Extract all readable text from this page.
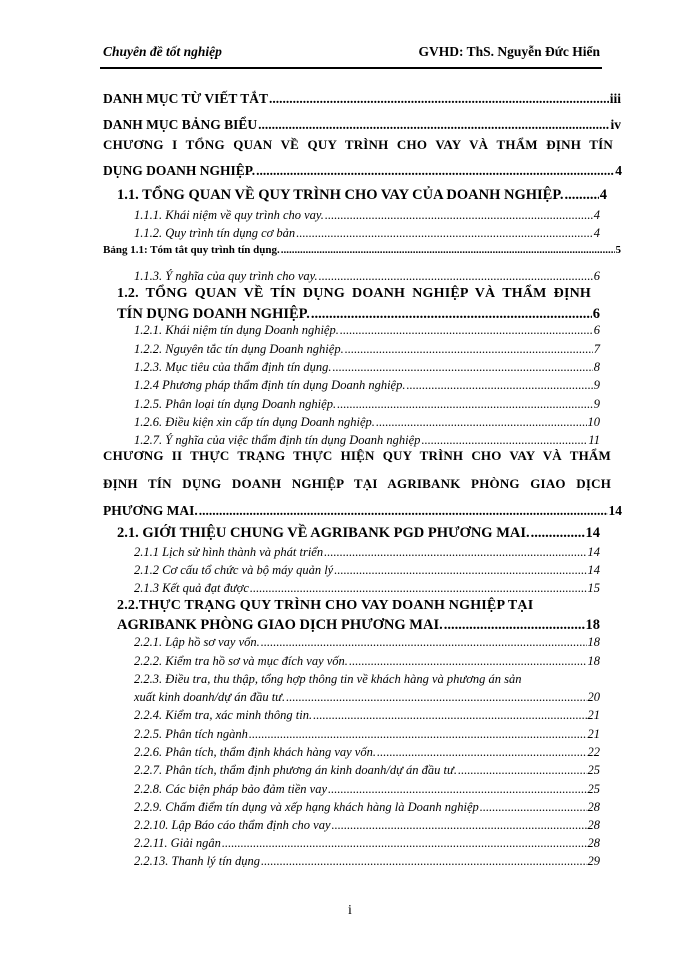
Chuyên đề tốt nghiệp	GVHD: ThS. Nguyễn Đức Hiển
DANH MỤC TỪ VIẾT TẮT .....	iii
DANH MỤC BẢNG BIỂU .....	iv
CHƯƠNG I TỔNG QUAN VỀ QUY TRÌNH CHO VAY VÀ THẨM ĐỊNH TÍN
DỤNG DOANH NGHIỆP. .....	4
1.1. TỔNG QUAN VỀ QUY TRÌNH CHO VAY CỦA DOANH NGHIỆP. .....	4
1.1.1. Khái niệm về quy trình cho vay. .....	4
1.1.2. Quy trình tín dụng cơ bản .....	4
Bảng 1.1: Tóm tắt quy trình tín dụng. .....	5
1.1.3. Ý nghĩa của quy trình cho vay. .....	6
1.2. TỔNG QUAN VỀ TÍN DỤNG DOANH NGHIỆP VÀ THẨM ĐỊNH
TÍN DỤNG DOANH NGHIỆP. .....	6
1.2.1. Khái niệm tín dụng Doanh nghiệp. .....	6
1.2.2. Nguyên tắc tín dụng Doanh nghiệp. .....	7
1.2.3. Mục tiêu của thẩm định tín dụng. .....	8
1.2.4 Phương pháp thẩm định tín dụng Doanh nghiệp. .....	9
1.2.5. Phân loại tín dụng Doanh nghiệp. .....	9
1.2.6. Điều kiện xin cấp tín dụng Doanh nghiệp. .....	10
1.2.7. Ý nghĩa của việc thẩm định tín dụng Doanh nghiệp .....	11
CHƯƠNG II THỰC TRẠNG THỰC HIỆN QUY TRÌNH CHO VAY VÀ THẨM
ĐỊNH TÍN DỤNG DOANH NGHIỆP TẠI AGRIBANK PHÒNG GIAO DỊCH
PHƯƠNG MAI. .....	14
2.1. GIỚI THIỆU CHUNG VỀ AGRIBANK PGD PHƯƠNG MAI. .....	14
2.1.1 Lịch sử hình thành và phát triển .....	14
2.1.2 Cơ cấu tổ chức và bộ máy quản lý .....	14
2.1.3 Kết quả đạt được .....	15
2.2.THỰC TRẠNG QUY TRÌNH CHO VAY DOANH NGHIỆP TẠI
AGRIBANK PHÒNG GIAO DỊCH PHƯƠNG MAI. .....	18
2.2.1. Lập hồ sơ vay vốn. .....	18
2.2.2. Kiểm tra hồ sơ và mục đích vay vốn. .....	18
2.2.3. Điều tra, thu thập, tổng hợp thông tin về khách hàng và phương án sản
xuất kinh doanh/dự án đầu tư. .....	20
2.2.4. Kiểm tra, xác minh thông tin. .....	21
2.2.5. Phân tích ngành .....	21
2.2.6. Phân tích, thẩm định khách hàng vay vốn. .....	22
2.2.7. Phân tích, thẩm định phương án kinh doanh/dự án đầu tư. .....	25
2.2.8. Các biện pháp bảo đảm tiền vay .....	25
2.2.9. Chấm điểm tín dụng và xếp hạng khách hàng là Doanh nghiệp .....	28
2.2.10. Lập Báo cáo thẩm định cho vay .....	28
2.2.11. Giải ngân .....	28
2.2.13. Thanh lý tín dụng .....	29
i
